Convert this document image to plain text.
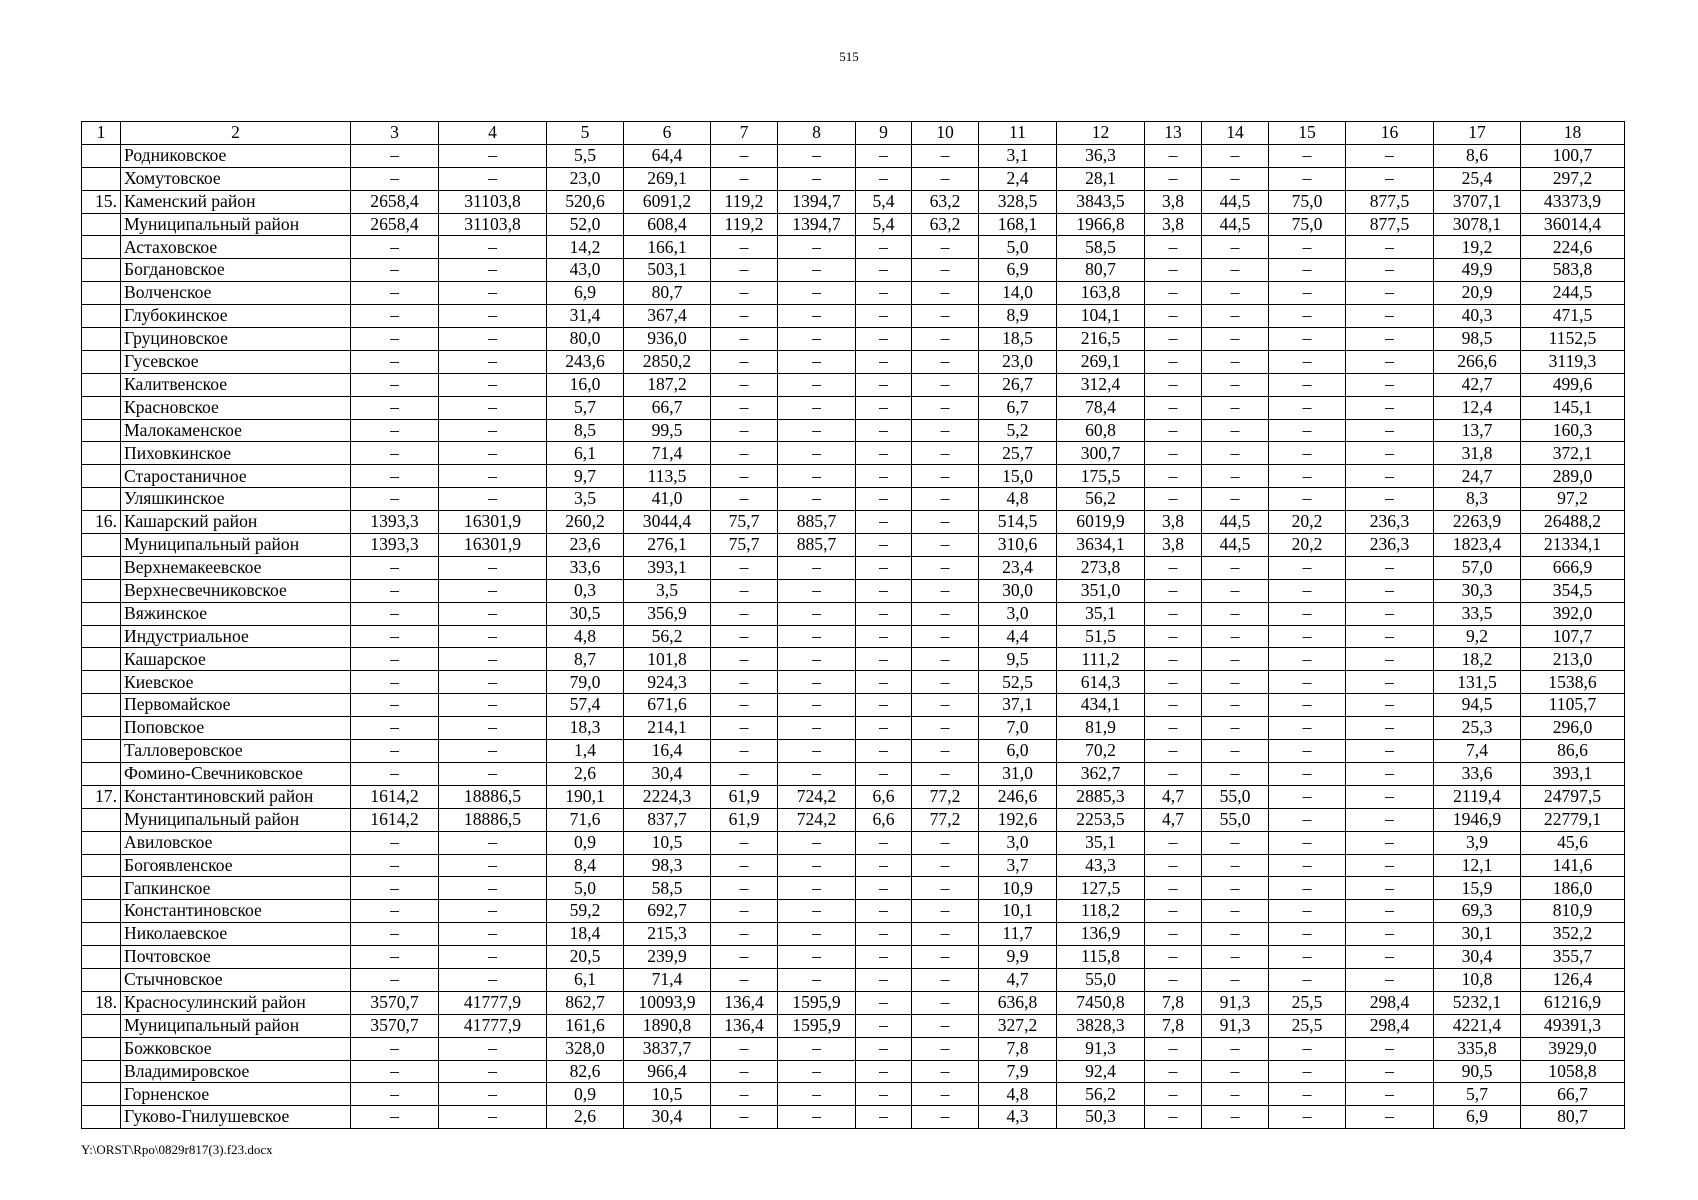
515
1	2	3	4	5	6	7	8	9	10	11	12	13	14	15	16	17	18
	Родниковское	–	–	5,5	64,4	–	–	–	–	3,1	36,3	–	–	–	–	8,6	100,7
	Хомутовское	–	–	23,0	269,1	–	–	–	–	2,4	28,1	–	–	–	–	25,4	297,2
15.	Каменский район	2658,4	31103,8	520,6	6091,2	119,2	1394,7	5,4	63,2	328,5	3843,5	3,8	44,5	75,0	877,5	3707,1	43373,9
	Муниципальный район	2658,4	31103,8	52,0	608,4	119,2	1394,7	5,4	63,2	168,1	1966,8	3,8	44,5	75,0	877,5	3078,1	36014,4
	Астаховское	–	–	14,2	166,1	–	–	–	–	5,0	58,5	–	–	–	–	19,2	224,6
	Богдановское	–	–	43,0	503,1	–	–	–	–	6,9	80,7	–	–	–	–	49,9	583,8
	Волченское	–	–	6,9	80,7	–	–	–	–	14,0	163,8	–	–	–	–	20,9	244,5
	Глубокинское	–	–	31,4	367,4	–	–	–	–	8,9	104,1	–	–	–	–	40,3	471,5
	Груциновское	–	–	80,0	936,0	–	–	–	–	18,5	216,5	–	–	–	–	98,5	1152,5
	Гусевское	–	–	243,6	2850,2	–	–	–	–	23,0	269,1	–	–	–	–	266,6	3119,3
	Калитвенское	–	–	16,0	187,2	–	–	–	–	26,7	312,4	–	–	–	–	42,7	499,6
	Красновское	–	–	5,7	66,7	–	–	–	–	6,7	78,4	–	–	–	–	12,4	145,1
	Малокаменское	–	–	8,5	99,5	–	–	–	–	5,2	60,8	–	–	–	–	13,7	160,3
	Пиховкинское	–	–	6,1	71,4	–	–	–	–	25,7	300,7	–	–	–	–	31,8	372,1
	Старостаничное	–	–	9,7	113,5	–	–	–	–	15,0	175,5	–	–	–	–	24,7	289,0
	Уляшкинское	–	–	3,5	41,0	–	–	–	–	4,8	56,2	–	–	–	–	8,3	97,2
16.	Кашарский район	1393,3	16301,9	260,2	3044,4	75,7	885,7	–	–	514,5	6019,9	3,8	44,5	20,2	236,3	2263,9	26488,2
	Муниципальный район	1393,3	16301,9	23,6	276,1	75,7	885,7	–	–	310,6	3634,1	3,8	44,5	20,2	236,3	1823,4	21334,1
	Верхнемакеевское	–	–	33,6	393,1	–	–	–	–	23,4	273,8	–	–	–	–	57,0	666,9
	Верхнесвечниковское	–	–	0,3	3,5	–	–	–	–	30,0	351,0	–	–	–	–	30,3	354,5
	Вяжинское	–	–	30,5	356,9	–	–	–	–	3,0	35,1	–	–	–	–	33,5	392,0
	Индустриальное	–	–	4,8	56,2	–	–	–	–	4,4	51,5	–	–	–	–	9,2	107,7
	Кашарское	–	–	8,7	101,8	–	–	–	–	9,5	111,2	–	–	–	–	18,2	213,0
	Киевское	–	–	79,0	924,3	–	–	–	–	52,5	614,3	–	–	–	–	131,5	1538,6
	Первомайское	–	–	57,4	671,6	–	–	–	–	37,1	434,1	–	–	–	–	94,5	1105,7
	Поповское	–	–	18,3	214,1	–	–	–	–	7,0	81,9	–	–	–	–	25,3	296,0
	Талловеровское	–	–	1,4	16,4	–	–	–	–	6,0	70,2	–	–	–	–	7,4	86,6
	Фомино-Свечниковское	–	–	2,6	30,4	–	–	–	–	31,0	362,7	–	–	–	–	33,6	393,1
17.	Константиновский район	1614,2	18886,5	190,1	2224,3	61,9	724,2	6,6	77,2	246,6	2885,3	4,7	55,0	–	–	2119,4	24797,5
	Муниципальный район	1614,2	18886,5	71,6	837,7	61,9	724,2	6,6	77,2	192,6	2253,5	4,7	55,0	–	–	1946,9	22779,1
	Авиловское	–	–	0,9	10,5	–	–	–	–	3,0	35,1	–	–	–	–	3,9	45,6
	Богоявленское	–	–	8,4	98,3	–	–	–	–	3,7	43,3	–	–	–	–	12,1	141,6
	Гапкинское	–	–	5,0	58,5	–	–	–	–	10,9	127,5	–	–	–	–	15,9	186,0
	Константиновское	–	–	59,2	692,7	–	–	–	–	10,1	118,2	–	–	–	–	69,3	810,9
	Николаевское	–	–	18,4	215,3	–	–	–	–	11,7	136,9	–	–	–	–	30,1	352,2
	Почтовское	–	–	20,5	239,9	–	–	–	–	9,9	115,8	–	–	–	–	30,4	355,7
	Стычновское	–	–	6,1	71,4	–	–	–	–	4,7	55,0	–	–	–	–	10,8	126,4
18.	Красносулинский район	3570,7	41777,9	862,7	10093,9	136,4	1595,9	–	–	636,8	7450,8	7,8	91,3	25,5	298,4	5232,1	61216,9
	Муниципальный район	3570,7	41777,9	161,6	1890,8	136,4	1595,9	–	–	327,2	3828,3	7,8	91,3	25,5	298,4	4221,4	49391,3
	Божковское	–	–	328,0	3837,7	–	–	–	–	7,8	91,3	–	–	–	–	335,8	3929,0
	Владимировское	–	–	82,6	966,4	–	–	–	–	7,9	92,4	–	–	–	–	90,5	1058,8
	Горненское	–	–	0,9	10,5	–	–	–	–	4,8	56,2	–	–	–	–	5,7	66,7
	Гуково-Гнилушевское	–	–	2,6	30,4	–	–	–	–	4,3	50,3	–	–	–	–	6,9	80,7
Y:\ORST\Rpo\0829r817(3).f23.docx
